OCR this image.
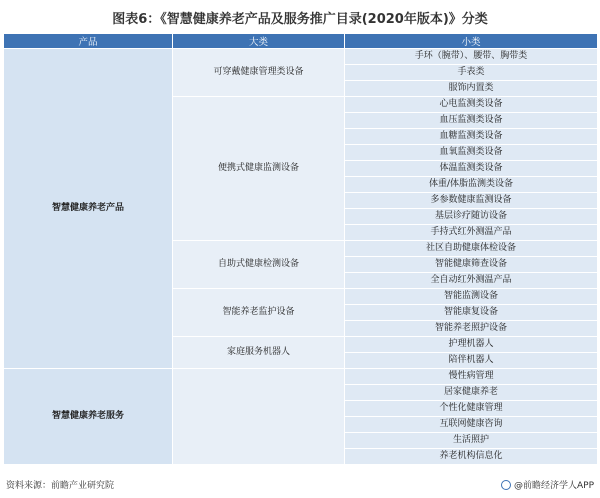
图表6：《智慧健康养老产品及服务推广目录(2020年版本)》分类
产品	大类	小类
智慧健康养老产品	可穿戴健康管理类设备	手环（腕带）、腰带、胸带类
		手表类
		服饰内置类
	便携式健康监测设备	心电监测类设备
		血压监测类设备
		血糖监测类设备
		血氧监测类设备
		体温监测类设备
		体重/体脂监测类设备
		多参数健康监测设备
		基层诊疗随访设备
		手持式红外测温产品
	自助式健康检测设备	社区自助健康体检设备
		智能健康筛查设备
		全自动红外测温产品
	智能养老监护设备	智能监测设备
		智能康复设备
		智能养老照护设备
	家庭服务机器人	护理机器人
		陪伴机器人
智慧健康养老服务		慢性病管理
		居家健康养老
		个性化健康管理
		互联网健康咨询
		生活照护
		养老机构信息化
资料来源：前瞻产业研究院	@前瞻经济学人APP
